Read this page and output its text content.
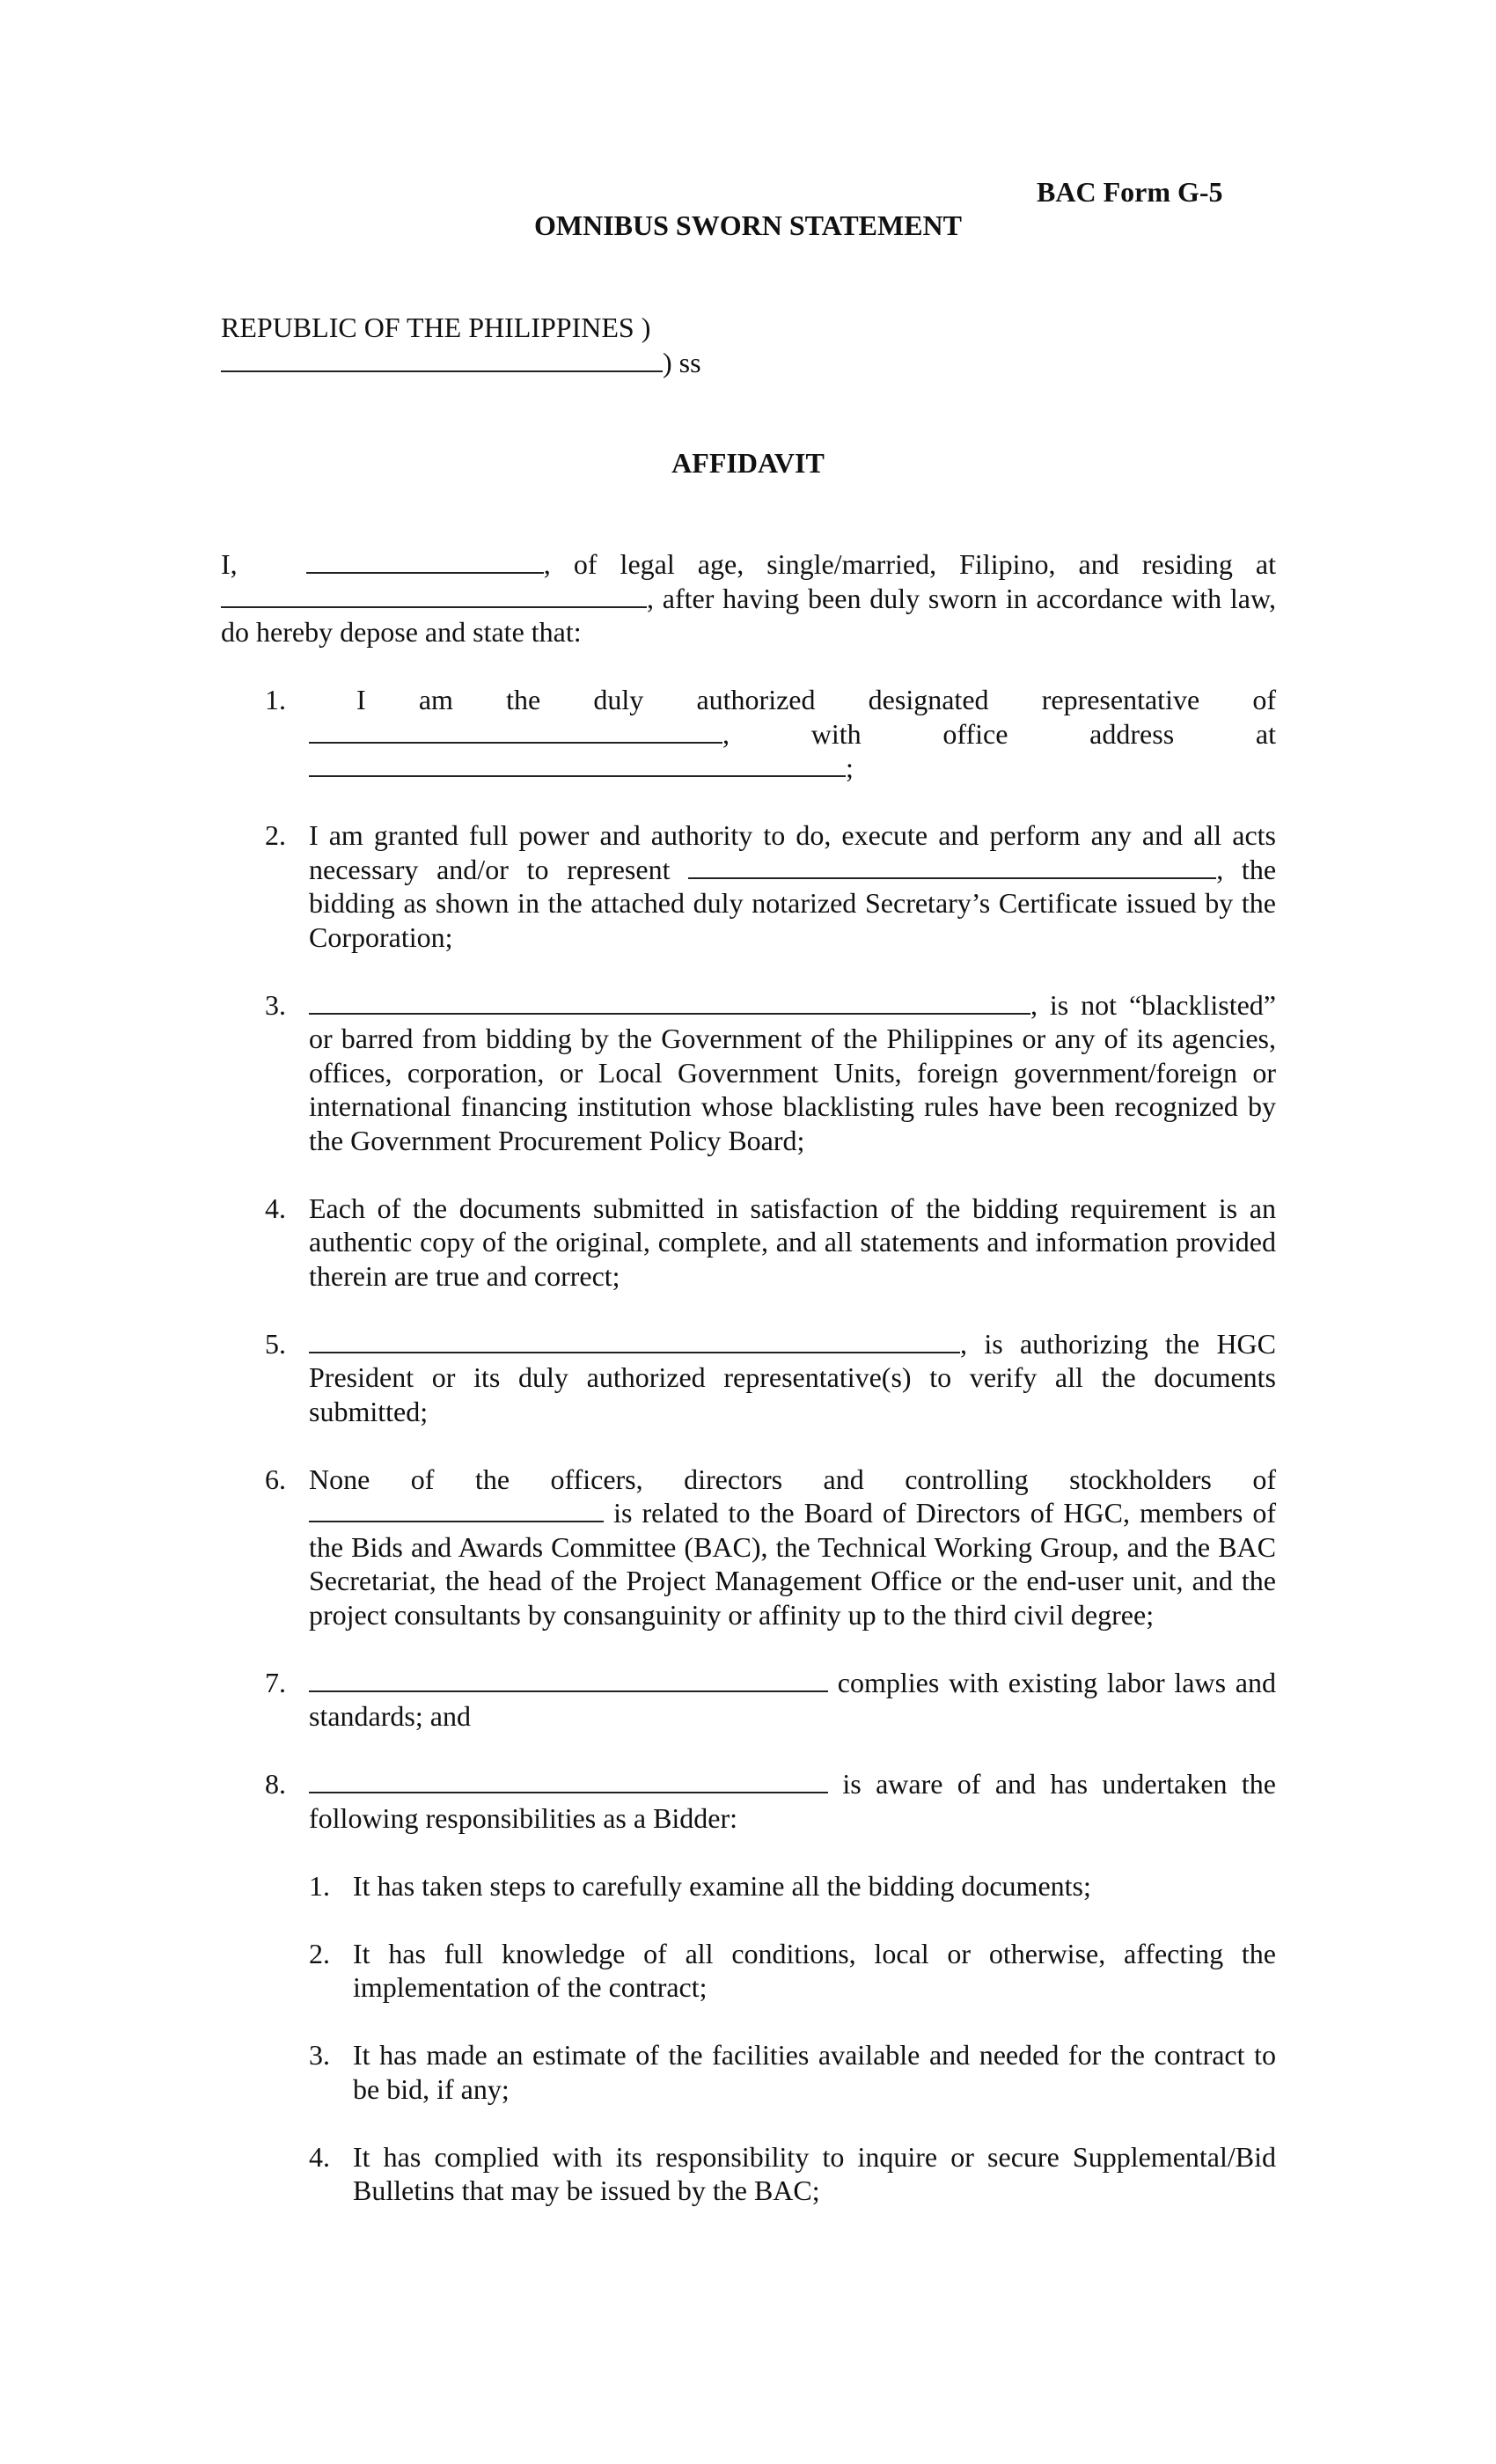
BAC Form G-5
OMNIBUS SWORN STATEMENT
REPUBLIC OF THE PHILIPPINES )
) ss
AFFIDAVIT
I,	, of legal age, single/married, Filipino, and residing at , after having been duly sworn in accordance with law, do hereby depose and state that:
1.	I am the duly authorized designated representative of
, with office address at
;
2. I am granted full power and authority to do, execute and perform any and all acts necessary and/or to represent	, the bidding as shown in the attached duly notarized Secretary’s Certificate issued by the Corporation;
3.	, is not “blacklisted” or barred from bidding by the Government of the Philippines or any of its agencies, offices, corporation, or Local Government Units, foreign government/foreign or international financing institution whose blacklisting rules have been recognized by the Government Procurement Policy Board;
4. Each of the documents submitted in satisfaction of the bidding requirement is an authentic copy of the original, complete, and all statements and information provided therein are true and correct;
5.	, is authorizing the HGC President or its duly authorized representative(s) to verify all the documents submitted;
6. None of the officers, directors and controlling stockholders of
is related to the Board of Directors of HGC, members of the Bids and Awards Committee (BAC), the Technical Working Group, and the BAC Secretariat, the head of the Project Management Office or the end-user unit, and the project consultants by consanguinity or affinity up to the third civil degree;
7.	complies with existing labor laws and standards; and
8.	is aware of and has undertaken the following responsibilities as a Bidder:
1. It has taken steps to carefully examine all the bidding documents;
2. It has full knowledge of all conditions, local or otherwise, affecting the implementation of the contract;
3. It has made an estimate of the facilities available and needed for the contract to be bid, if any;
4. It has complied with its responsibility to inquire or secure Supplemental/Bid Bulletins that may be issued by the BAC;
